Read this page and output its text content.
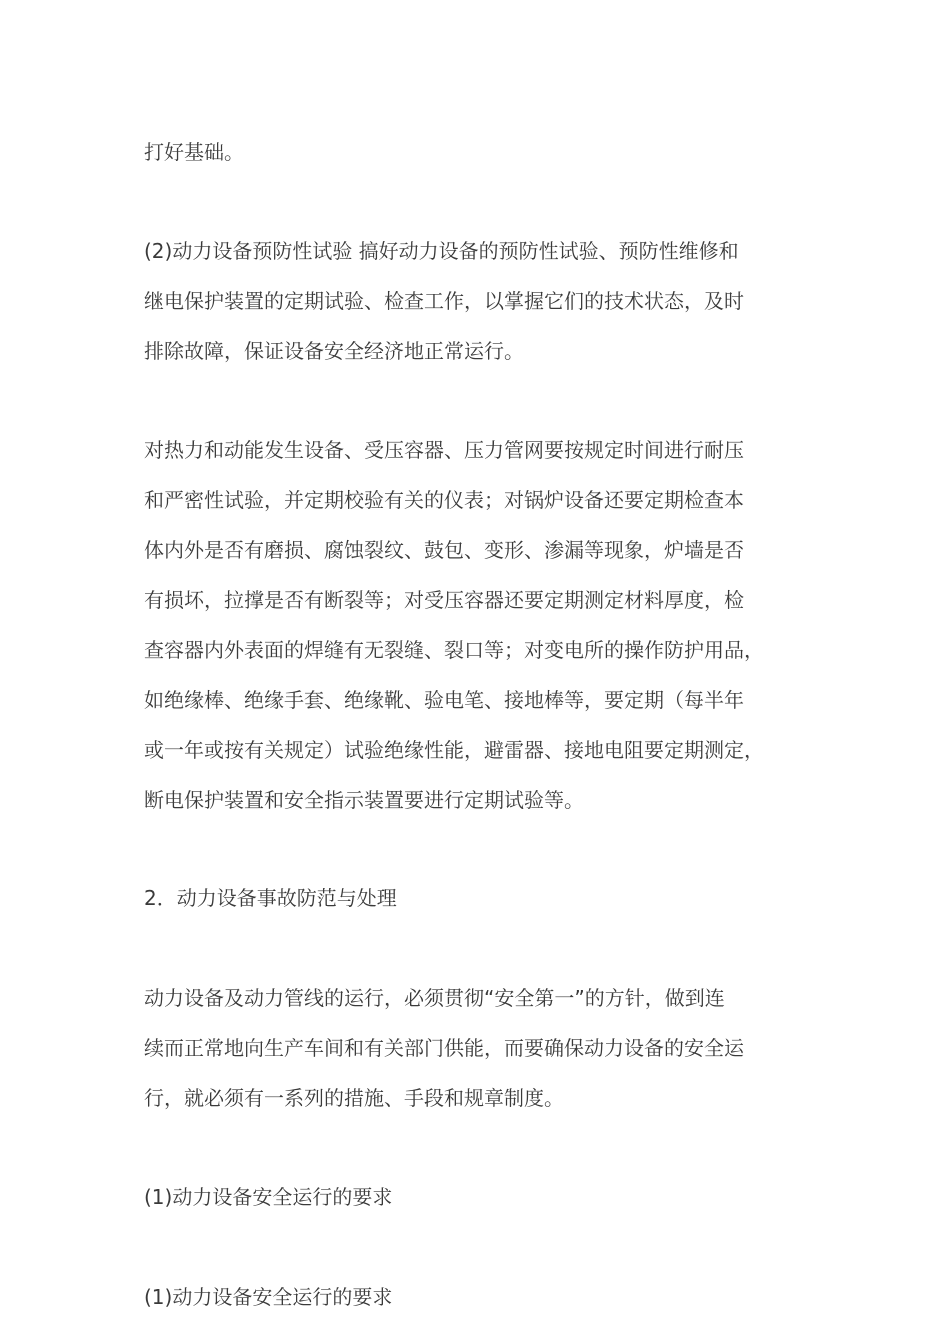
打好基础。
(2)动力设备预防性试验 搞好动力设备的预防性试验、预防性维修和
继电保护装置的定期试验、检查工作，以掌握它们的技术状态，及时
排除故障，保证设备安全经济地正常运行。
对热力和动能发生设备、受压容器、压力管网要按规定时间进行耐压
和严密性试验，并定期校验有关的仪表；对锅炉设备还要定期检查本
体内外是否有磨损、腐蚀裂纹、鼓包、变形、渗漏等现象，炉墙是否
有损坏，拉撑是否有断裂等；对受压容器还要定期测定材料厚度，检
查容器内外表面的焊缝有无裂缝、裂口等；对变电所的操作防护用品，
如绝缘棒、绝缘手套、绝缘靴、验电笔、接地棒等，要定期（每半年
或一年或按有关规定）试验绝缘性能，避雷器、接地电阻要定期测定，
断电保护装置和安全指示装置要进行定期试验等。
2．动力设备事故防范与处理
动力设备及动力管线的运行，必须贯彻“安全第一”的方针，做到连
续而正常地向生产车间和有关部门供能，而要确保动力设备的安全运
行，就必须有一系列的措施、手段和规章制度。
(1)动力设备安全运行的要求
(1)动力设备安全运行的要求
